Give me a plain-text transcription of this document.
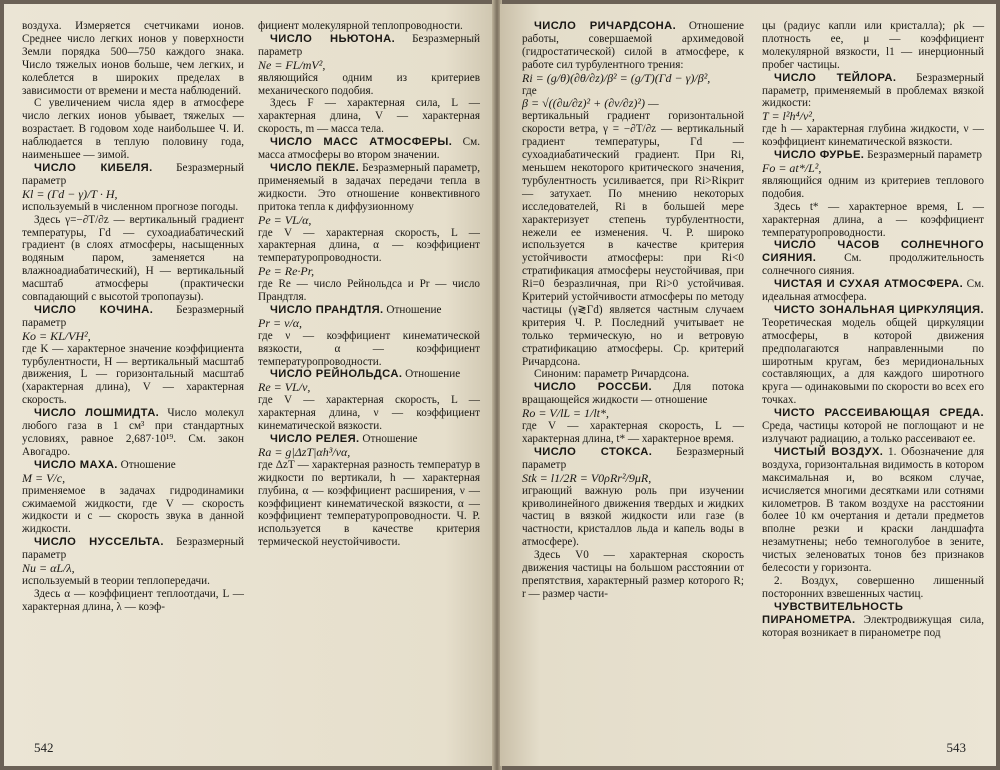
воздуха. Измеряется счетчиками ионов. Среднее число легких ионов у поверхности Земли порядка 500—750 каждого знака. Число тяжелых ионов больше, чем легких, и колеблется в широких пределах в зависимости от времени и места наблюдений.

С увеличением числа ядер в атмосфере число легких ионов убывает, тяжелых — возрастает. В годовом ходе наибольшее Ч. И. наблюдается в теплую половину года, наименьшее — зимой.

ЧИСЛО КИБЕЛЯ. Безразмерный параметр

Kl = (Γd − γ)/T · H,

используемый в численном прогнозе погоды.

Здесь γ=−∂T/∂z — вертикальный градиент температуры, Γd — сухоадиабатический градиент (в слоях атмосферы, насыщенных водяным паром, заменяется на влажноадиабатический), H — вертикальный масштаб атмосферы (практически совпадающий с высотой тропопаузы).

ЧИСЛО КОЧИНА. Безразмерный параметр

Ko = KL/VH²,

где K — характерное значение коэффициента турбулентности, H — вертикальный масштаб движения, L — горизонтальный масштаб (характерная длина), V — характерная скорость.

ЧИСЛО ЛОШМИДТА. Число молекул любого газа в 1 см³ при стандартных условиях, равное 2,687·10¹⁹. См. закон Авогадро.

ЧИСЛО МАХА. Отношение

M = V/c,

применяемое в задачах гидродинамики сжимаемой жидкости, где V — скорость жидкости и c — скорость звука в данной жидкости.

ЧИСЛО НУССЕЛЬТА. Безразмерный параметр

Nu = αL/λ,

используемый в теории теплопередачи.

Здесь α — коэффициент теплоотдачи, L — характерная длина, λ — коэф-

фициент молекулярной теплопроводности.

ЧИСЛО НЬЮТОНА. Безразмерный параметр

Ne = FL/mV²,

являющийся одним из критериев механического подобия.

Здесь F — характерная сила, L — характерная длина, V — характерная скорость, m — масса тела.

ЧИСЛО МАСС АТМОСФЕРЫ. См. масса атмосферы во втором значении.

ЧИСЛО ПЕКЛЕ. Безразмерный параметр, применяемый в задачах передачи тепла в жидкости. Это отношение конвективного притока тепла к диффузионному

Pe = VL/α,

где V — характерная скорость, L — характерная длина, α — коэффициент температуропроводности.

Pe = Re·Pr,

где Re — число Рейнольдса и Pr — число Прандтля.

ЧИСЛО ПРАНДТЛЯ. Отношение

Pr = ν/α,

где ν — коэффициент кинематической вязкости, α — коэффициент температуропроводности.

ЧИСЛО РЕЙНОЛЬДСА. Отношение

Re = VL/ν,

где V — характерная скорость, L — характерная длина, ν — коэффициент кинематической вязкости.

ЧИСЛО РЕЛЕЯ. Отношение

Ra = g|ΔzT|αh³/να,

где ΔzT — характерная разность температур в жидкости по вертикали, h — характерная глубина, α — коэффициент расширения, ν — коэффициент кинематической вязкости, α — коэффициент температуропроводности. Ч. Р. используется в качестве критерия термической неустойчивости.

542

ЧИСЛО РИЧАРДСОНА. Отношение работы, совершаемой архимедовой (гидростатической) силой в атмосфере, к работе сил турбулентного трения:

Ri = (g/θ)(∂θ/∂z)/β² = (g/T)(Γd − γ)/β²,

где

β = √((∂u/∂z)² + (∂v/∂z)²) —

вертикальный градиент горизонтальной скорости ветра, γ = −∂T/∂z — вертикальный градиент температуры, Γd — сухоадиабатический градиент. При Ri, меньшем некоторого критического значения, турбулентность усиливается, при Ri>Riкрит — затухает. По мнению некоторых исследователей, Ri в большей мере характеризует степень турбулентности, нежели ее изменения. Ч. Р. широко используется в качестве критерия устойчивости атмосферы: при Ri<0 стратификация атмосферы неустойчивая, при Ri=0 безразличная, при Ri>0 устойчивая. Критерий устойчивости атмосферы по методу частицы (γ≷Γd) является частным случаем критерия Ч. Р. Последний учитывает не только термическую, но и ветровую стратификацию атмосферы. Ср. критерий Ричардсона.

Синоним: параметр Ричардсона.

ЧИСЛО РОССБИ. Для потока вращающейся жидкости — отношение

Ro = V/lL = 1/lt*,

где V — характерная скорость, L — характерная длина, t* — характерное время.

ЧИСЛО СТОКСА. Безразмерный параметр

Stk = l1/2R = V0ρRr²/9μR,

играющий важную роль при изучении криволинейного движения твердых и жидких частиц в вязкой жидкости или газе (в частности, кристаллов льда и капель воды в атмосфере).

Здесь V0 — характерная скорость движения частицы на большом расстоянии от препятствия, характерный размер которого R; r — размер части-

цы (радиус капли или кристалла); ρk — плотность ее, μ — коэффициент молекулярной вязкости, l1 — инерционный пробег частицы.

ЧИСЛО ТЕЙЛОРА. Безразмерный параметр, применяемый в проблемах вязкой жидкости:

T = l²h⁴/ν²,

где h — характерная глубина жидкости, ν — коэффициент кинематической вязкости.

ЧИСЛО ФУРЬЕ. Безразмерный параметр

Fo = at*/L²,

являющийся одним из критериев теплового подобия.

Здесь t* — характерное время, L — характерная длина, a — коэффициент температуропроводности.

ЧИСЛО ЧАСОВ СОЛНЕЧНОГО СИЯНИЯ. См. продолжительность солнечного сияния.

ЧИСТАЯ И СУХАЯ АТМОСФЕРА. См. идеальная атмосфера.

ЧИСТО ЗОНАЛЬНАЯ ЦИРКУЛЯЦИЯ. Теоретическая модель общей циркуляции атмосферы, в которой движения предполагаются направленными по широтным кругам, без меридиональных составляющих, а для каждого широтного круга — одинаковыми по скорости во всех его точках.

ЧИСТО РАССЕИВАЮЩАЯ СРЕДА. Среда, частицы которой не поглощают и не излучают радиацию, а только рассеивают ее.

ЧИСТЫЙ ВОЗДУХ. 1. Обозначение для воздуха, горизонтальная видимость в котором максимальная и, во всяком случае, исчисляется многими десятками или сотнями километров. В таком воздухе на расстоянии более 10 км очертания и детали предметов вполне резки и краски ландшафта незамутнены; небо темноголубое в зените, чистых зеленоватых тонов без признаков белесости у горизонта.

2. Воздух, совершенно лишенный посторонних взвешенных частиц.

ЧУВСТВИТЕЛЬНОСТЬ ПИРАНОМЕТРА. Электродвижущая сила, которая возникает в пиранометре под

543
